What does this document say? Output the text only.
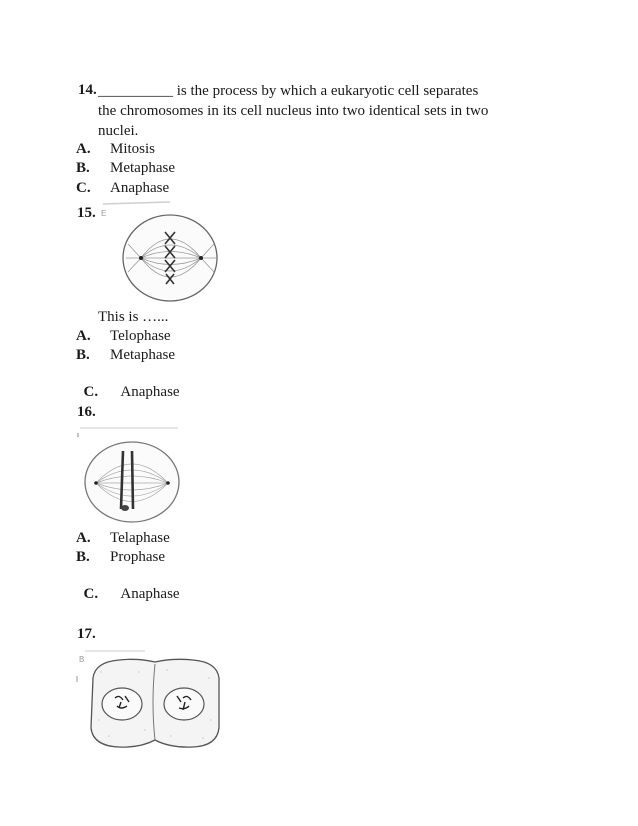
14. __________ is the process by which a eukaryotic cell separates
the chromosomes in its cell nucleus into two identical sets in two
nuclei.
A. Mitosis
B. Metaphase
C. Anaphase
15. E
This is …...
A. Telophase
B. Metaphase

C. Anaphase

16.
A. Telaphase
B. Prophase

C. Anaphase

17.
B
